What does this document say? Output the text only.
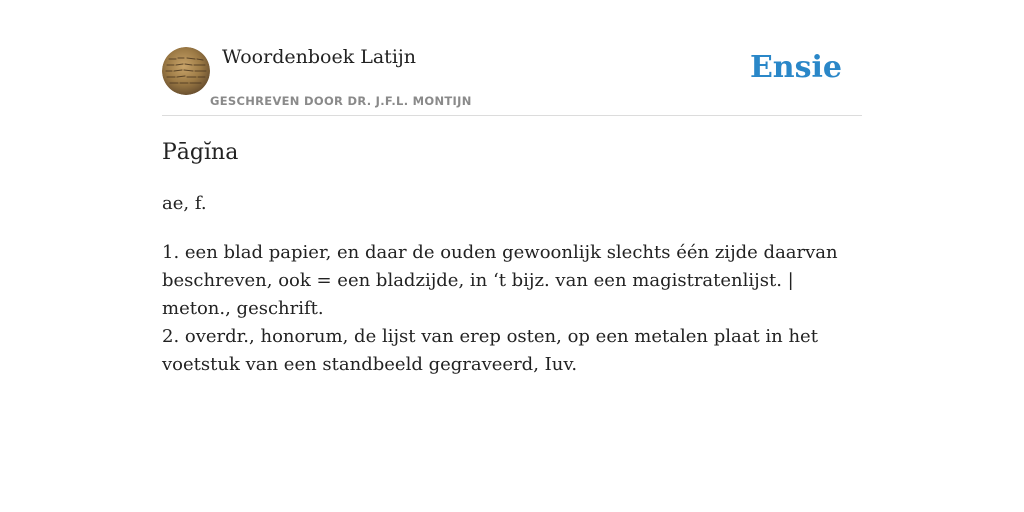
Woordenboek Latijn
GESCHREVEN DOOR DR. J.F.L. MONTIJN
Ensie
Pāgĭna
ae, f.

1. een blad papier, en daar de ouden gewoonlijk slechts één zijde daarvan beschreven, ook = een bladzijde, in ‘t bijz. van een magistratenlijst. | meton., geschrift.

2. overdr., honorum, de lijst van erep osten, op een metalen plaat in het voetstuk van een standbeeld gegraveerd, Iuv.
